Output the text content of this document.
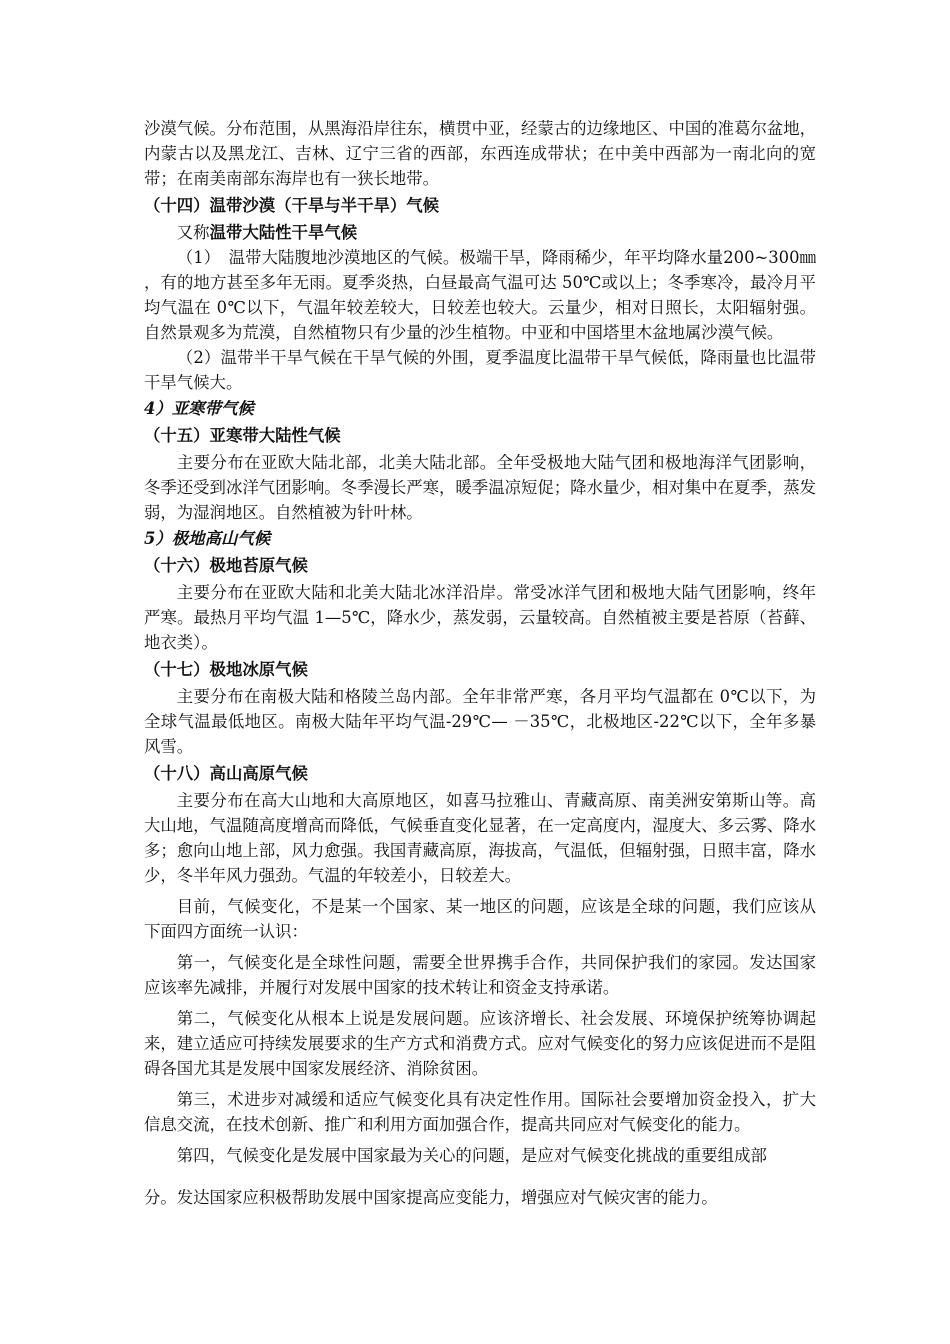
沙漠气候。分布范围，从黑海沿岸往东，横贯中亚，经蒙古的边缘地区、中国的准葛尔盆地，内蒙古以及黑龙江、吉林、辽宁三省的西部，东西连成带状；在中美中西部为一南北向的宽带；在南美南部东海岸也有一狭长地带。

（十四）温带沙漠（干旱与半干旱）气候

又称温带大陆性干旱气候

（1）　温带大陆腹地沙漠地区的气候。极端干旱，降雨稀少，年平均降水量200~300㎜ ，有的地方甚至多年无雨。夏季炎热，白昼最高气温可达 50℃或以上；冬季寒冷，最冷月平均气温在 0℃以下，气温年较差较大，日较差也较大。云量少，相对日照长，太阳辐射强。自然景观多为荒漠，自然植物只有少量的沙生植物。中亚和中国塔里木盆地属沙漠气候。

（2）温带半干旱气候在干旱气候的外围，夏季温度比温带干旱气候低，降雨量也比温带干旱气候大。

4）亚寒带气候

（十五）亚寒带大陆性气候

主要分布在亚欧大陆北部，北美大陆北部。全年受极地大陆气团和极地海洋气团影响，冬季还受到冰洋气团影响。冬季漫长严寒，暖季温凉短促；降水量少，相对集中在夏季，蒸发弱，为湿润地区。自然植被为针叶林。

5）极地高山气候

（十六）极地苔原气候

主要分布在亚欧大陆和北美大陆北冰洋沿岸。常受冰洋气团和极地大陆气团影响，终年严寒。最热月平均气温 1—5℃，降水少，蒸发弱，云量较高。自然植被主要是苔原（苔藓、地衣类）。

（十七）极地冰原气候

主要分布在南极大陆和格陵兰岛内部。全年非常严寒，各月平均气温都在 0℃以下，为全球气温最低地区。南极大陆年平均气温-29℃— －35℃，北极地区-22℃以下，全年多暴风雪。

（十八）高山高原气候

主要分布在高大山地和大高原地区，如喜马拉雅山、青藏高原、南美洲安第斯山等。高大山地，气温随高度增高而降低，气候垂直变化显著，在一定高度内，湿度大、多云雾、降水多；愈向山地上部，风力愈强。我国青藏高原，海拔高，气温低，但辐射强，日照丰富，降水少，冬半年风力强劲。气温的年较差小，日较差大。

目前，气候变化，不是某一个国家、某一地区的问题，应该是全球的问题，我们应该从下面四方面统一认识：

第一，气候变化是全球性问题，需要全世界携手合作，共同保护我们的家园。发达国家应该率先减排，并履行对发展中国家的技术转让和资金支持承诺。

第二，气候变化从根本上说是发展问题。应该济增长、社会发展、环境保护统筹协调起来，建立适应可持续发展要求的生产方式和消费方式。应对气候变化的努力应该促进而不是阻碍各国尤其是发展中国家发展经济、消除贫困。

第三，术进步对减缓和适应气候变化具有决定性作用。国际社会要增加资金投入，扩大信息交流，在技术创新、推广和利用方面加强合作，提高共同应对气候变化的能力。

第四，气候变化是发展中国家最为关心的问题，是应对气候变化挑战的重要组成部

分。发达国家应积极帮助发展中国家提高应变能力，增强应对气候灾害的能力。
